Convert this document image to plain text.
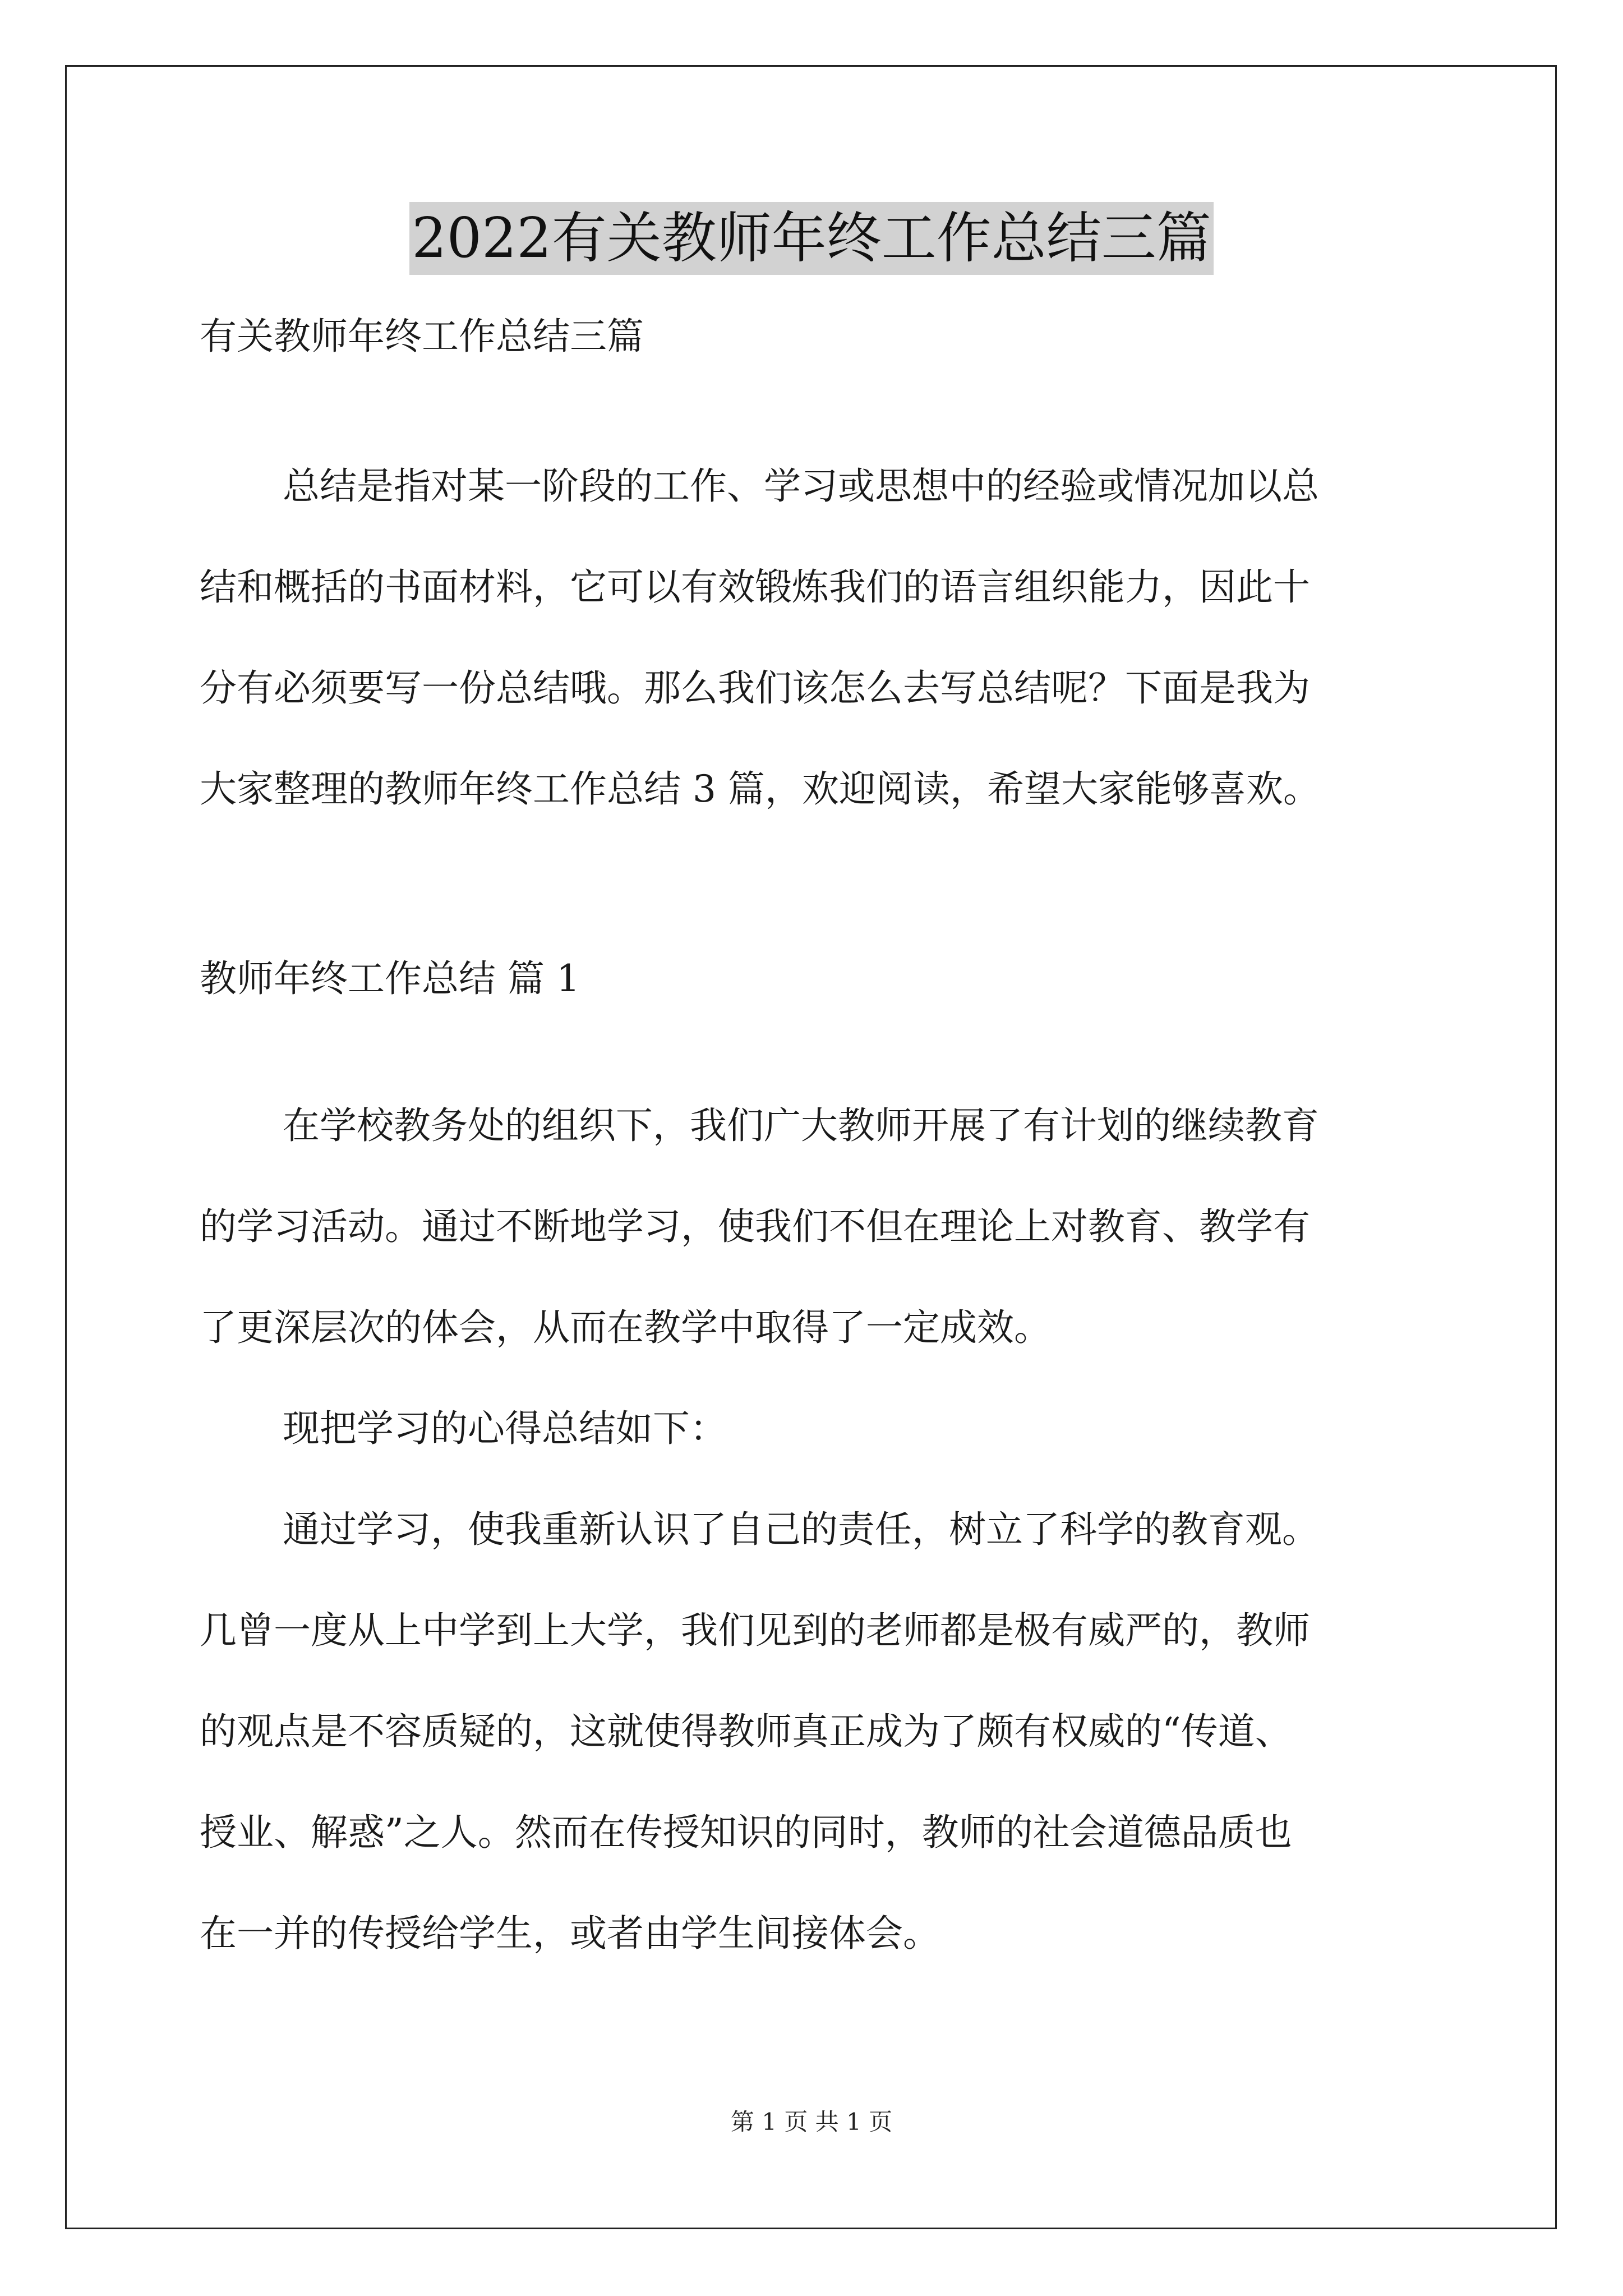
2022有关教师年终工作总结三篇
有关教师年终工作总结三篇
总结是指对某一阶段的工作、学习或思想中的经验或情况加以总
结和概括的书面材料，它可以有效锻炼我们的语言组织能力，因此十
分有必须要写一份总结哦。那么我们该怎么去写总结呢？下面是我为
大家整理的教师年终工作总结 3 篇，欢迎阅读，希望大家能够喜欢。
教师年终工作总结 篇 1
在学校教务处的组织下，我们广大教师开展了有计划的继续教育
的学习活动。通过不断地学习，使我们不但在理论上对教育、教学有
了更深层次的体会，从而在教学中取得了一定成效。
现把学习的心得总结如下：
通过学习，使我重新认识了自己的责任，树立了科学的教育观。
几曾一度从上中学到上大学，我们见到的老师都是极有威严的，教师
的观点是不容质疑的，这就使得教师真正成为了颇有权威的“传道、
授业、解惑”之人。然而在传授知识的同时，教师的社会道德品质也
在一并的传授给学生，或者由学生间接体会。
第 1 页 共 1 页
